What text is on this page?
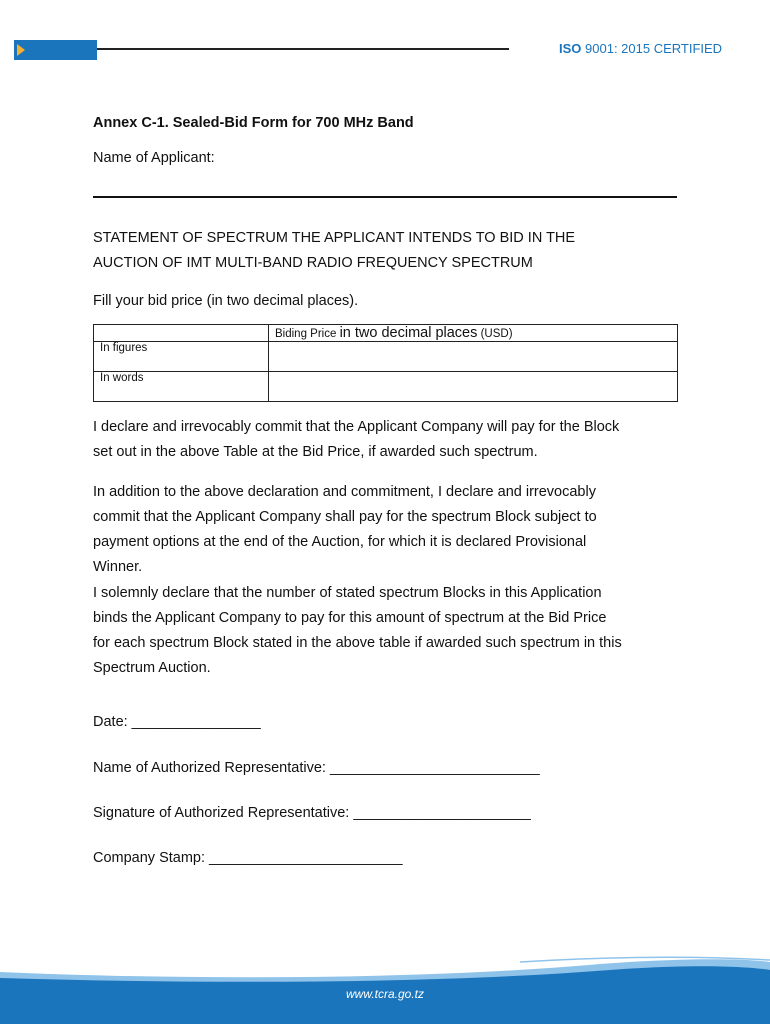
ISO 9001: 2015 CERTIFIED
Annex C-1. Sealed-Bid Form for 700 MHz Band
Name of Applicant:
STATEMENT OF SPECTRUM THE APPLICANT INTENDS TO BID IN THE
AUCTION OF IMT MULTI-BAND RADIO FREQUENCY SPECTRUM
Fill your bid price (in two decimal places).
	Biding Price in two decimal places (USD)
In figures	
In words	
I declare and irrevocably commit that the Applicant Company will pay for the Block
set out in the above Table at the Bid Price, if awarded such spectrum.
In addition to the above declaration and commitment, I declare and irrevocably
commit that the Applicant Company shall pay for the spectrum Block subject to
payment options at the end of the Auction, for which it is declared Provisional
Winner.
I solemnly declare that the number of stated spectrum Blocks in this Application
binds the Applicant Company to pay for this amount of spectrum at the Bid Price
for each spectrum Block stated in the above table if awarded such spectrum in this
Spectrum Auction.
Date: ________________
Name of Authorized Representative: __________________________
Signature of Authorized Representative: ______________________
Company Stamp: ________________________
www.tcra.go.tz
